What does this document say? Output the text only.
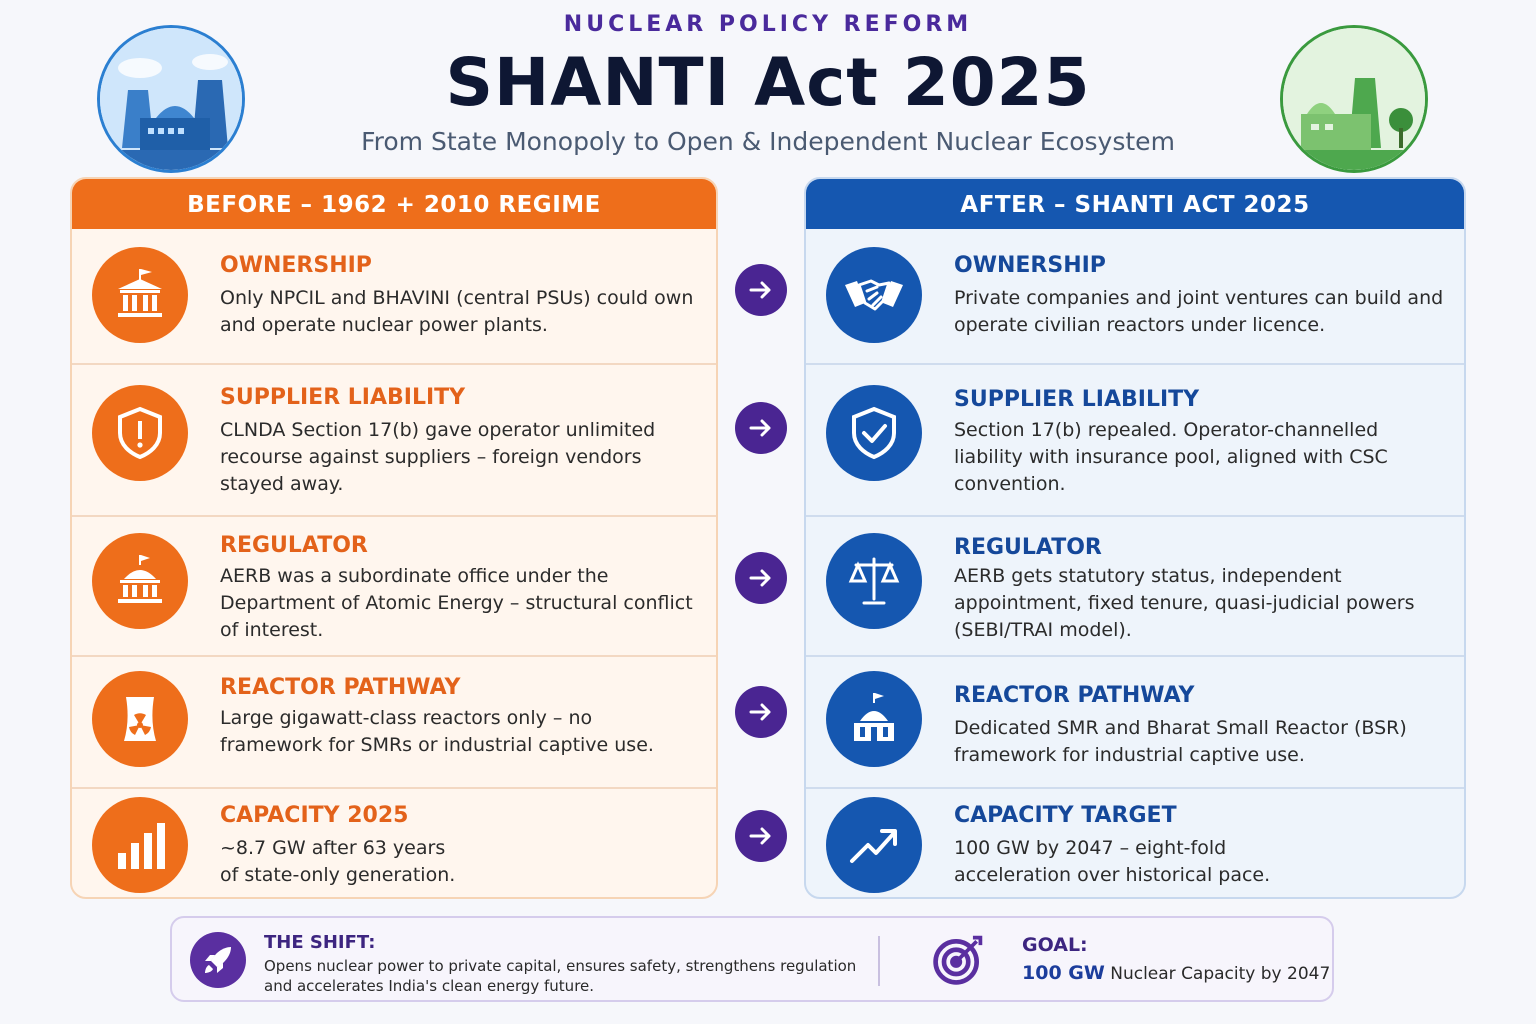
NUCLEAR POLICY REFORM
SHANTI Act 2025
From State Monopoly to Open & Independent Nuclear Ecosystem
BEFORE – 1962 + 2010 REGIME
OWNERSHIP
Only NPCIL and BHAVINI (central PSUs) could own and operate nuclear power plants.
SUPPLIER LIABILITY
CLNDA Section 17(b) gave operator unlimited recourse against suppliers – foreign vendors stayed away.
REGULATOR
AERB was a subordinate office under the Department of Atomic Energy – structural conflict of interest.
REACTOR PATHWAY
Large gigawatt-class reactors only – no framework for SMRs or industrial captive use.
CAPACITY 2025
~8.7 GW after 63 years of state-only generation.
AFTER – SHANTI ACT 2025
OWNERSHIP
Private companies and joint ventures can build and operate civilian reactors under licence.
SUPPLIER LIABILITY
Section 17(b) repealed. Operator-channelled liability with insurance pool, aligned with CSC convention.
REGULATOR
AERB gets statutory status, independent appointment, fixed tenure, quasi-judicial powers (SEBI/TRAI model).
REACTOR PATHWAY
Dedicated SMR and Bharat Small Reactor (BSR) framework for industrial captive use.
CAPACITY TARGET
100 GW by 2047 – eight-fold acceleration over historical pace.
THE SHIFT:
Opens nuclear power to private capital, ensures safety, strengthens regulation and accelerates India's clean energy future.
GOAL:
100 GW Nuclear Capacity by 2047
